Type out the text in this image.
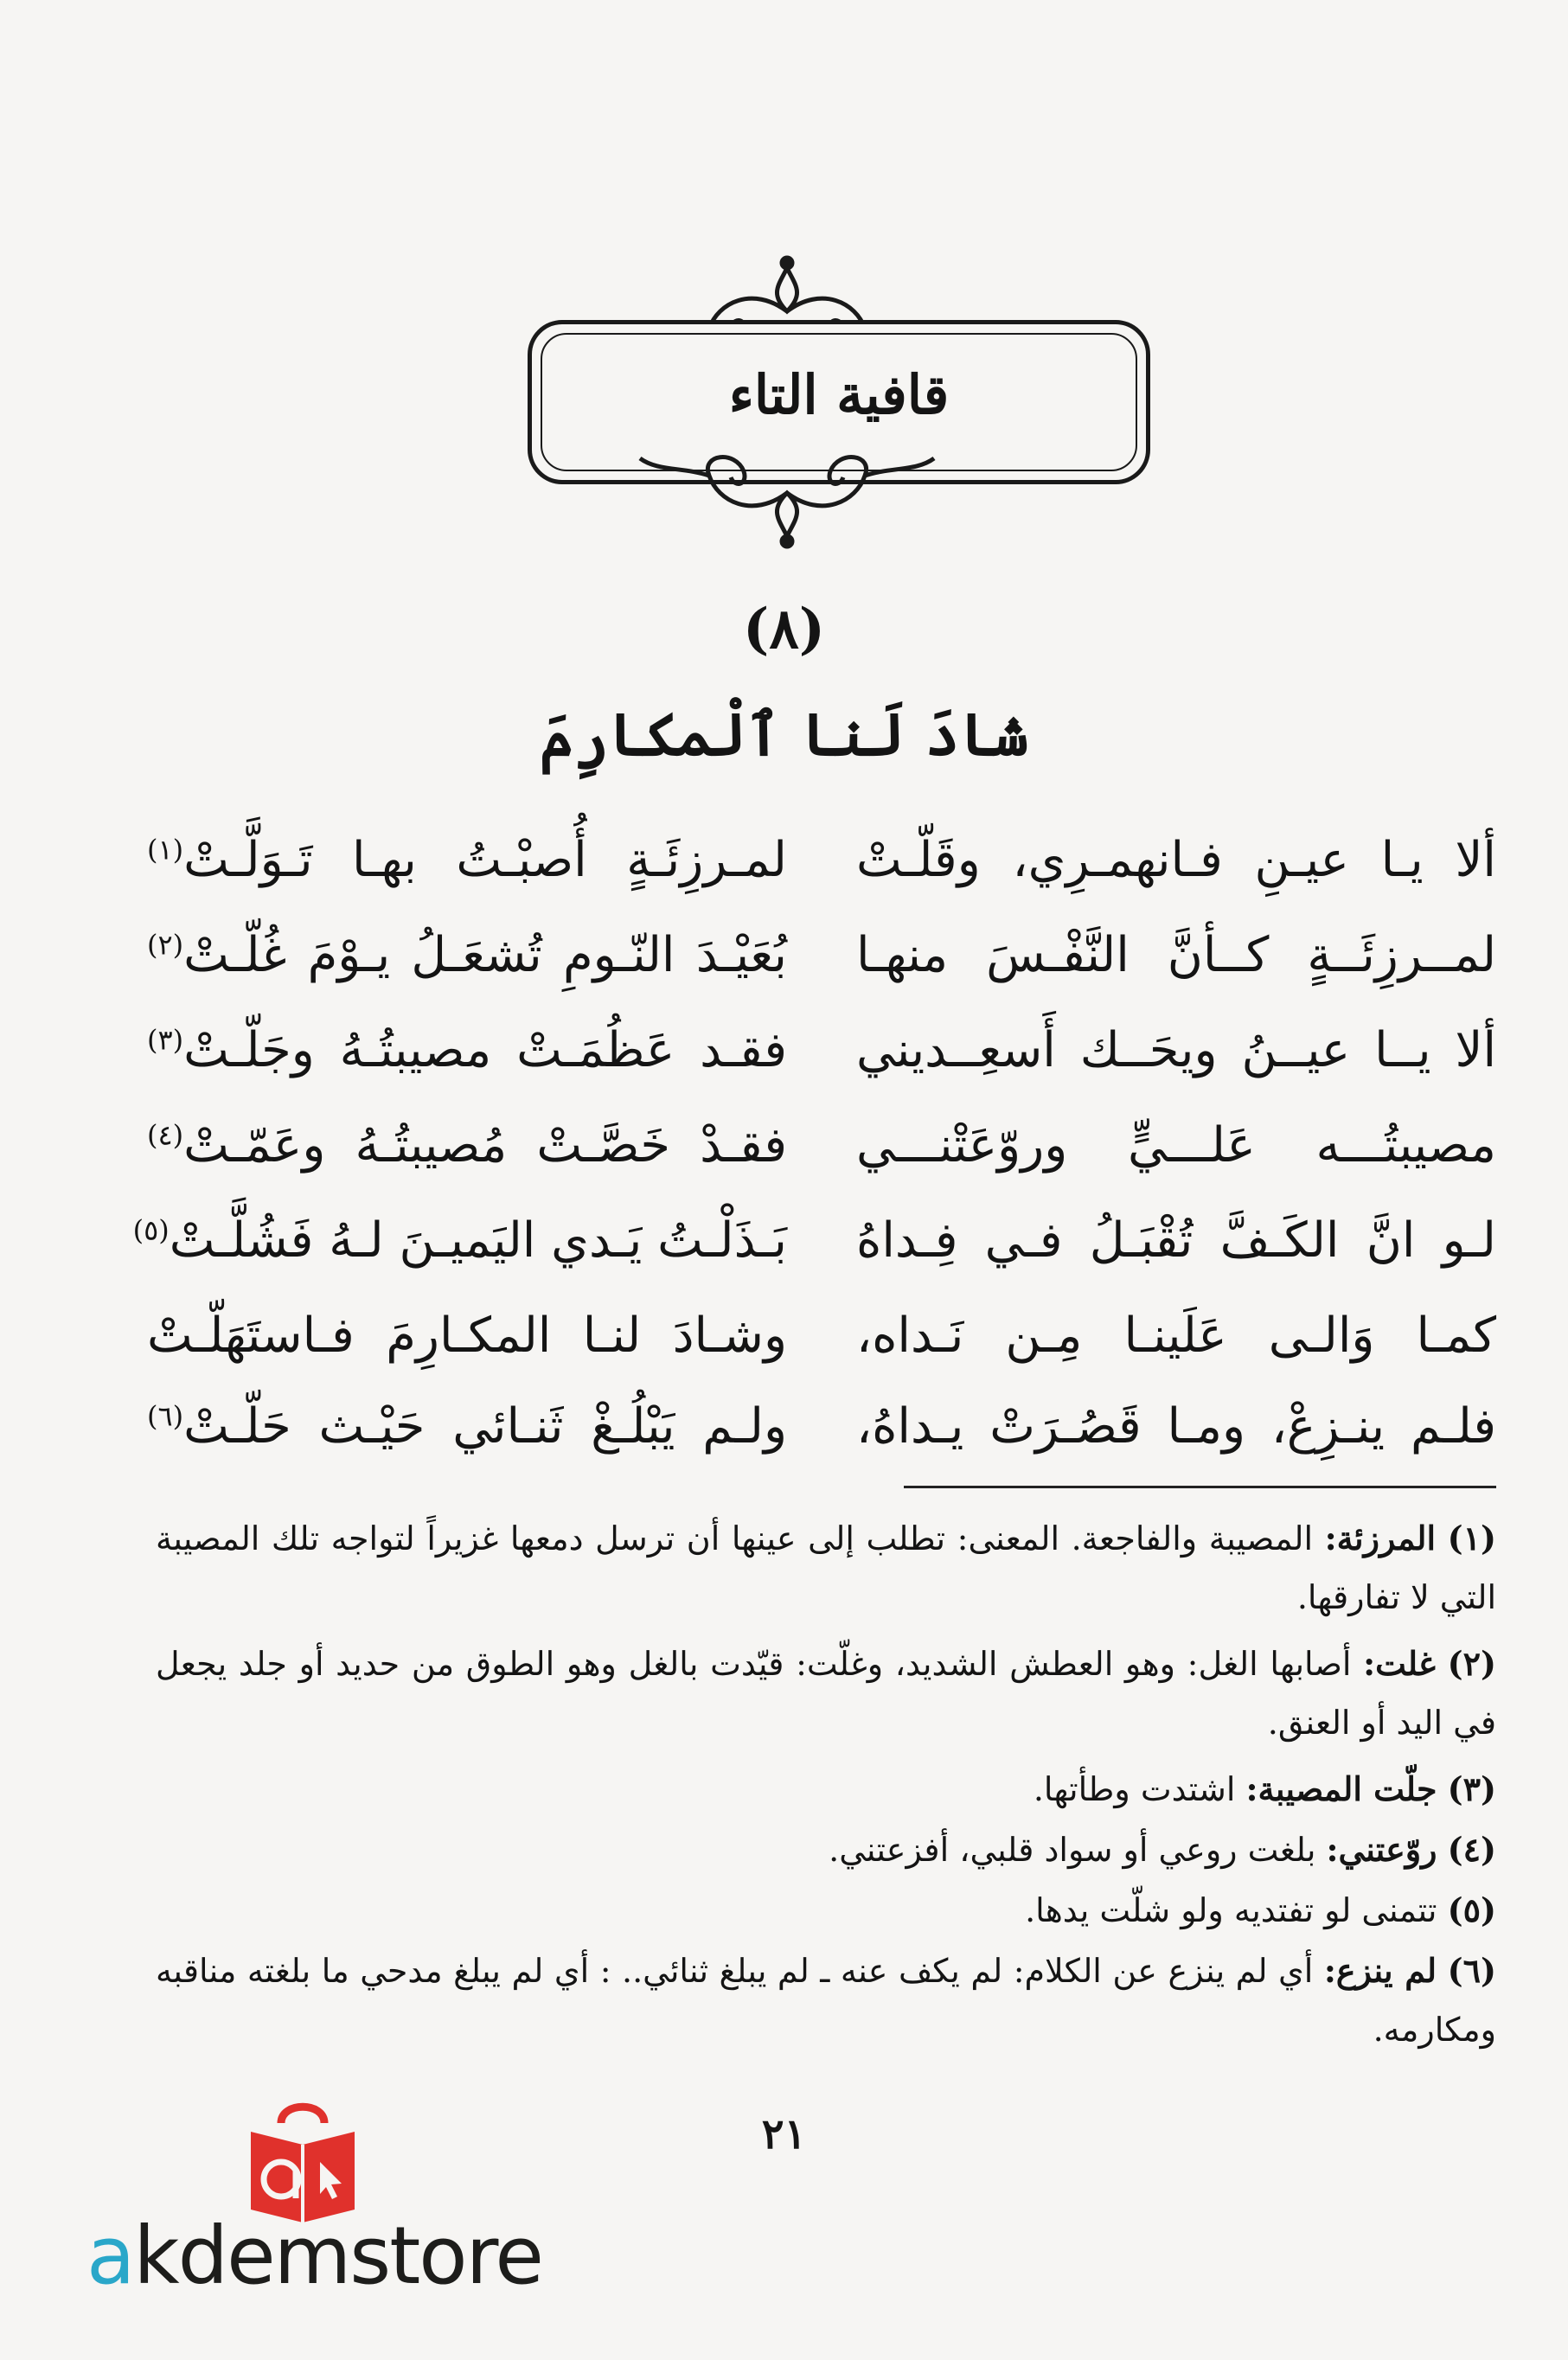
قافية التاء
(٨)
شادَ لَنا ٱلْمكارِمَ
ألا يـا عيـنِ فـانهمـرِي، وقَلّـتْ
لمـرزِئَـةٍ أُصبْـتُ بهـا تَـوَلَّـتْ$^{(١)}$
لمــرزِئَــةٍ كــأنَّ النَّفْـسَ منهـا
بُعَيْـدَ النّـومِ تُشعَـلُ يـوْمَ غُلّـتْ$^{(٢)}$
ألا يــا عيــنُ ويحَــك أَسعِــديني
فقـد عَظُمَـتْ مصيبتُـهُ وجَلّـتْ$^{(٣)}$
مصيبتُـــه عَلـــيٍّ وروّعَتْنـــي
فقـدْ خَصَّـتْ مُصيبتُـهُ وعَمّـتْ$^{(٤)}$
لـو انَّ الكَـفَّ تُقْبَـلُ فـي فِـداهُ
بَـذَلْـتُ يَـدي اليَميـنَ لـهُ فَشُلَّـتْ$^{(٥)}$
كمـا وَالـى عَلَينـا مِـن نَـداه،
وشـادَ لنـا المكـارِمَ فـاستَهَلّـتْ
فلـم ينـزِعْ، ومـا قَصُـرَتْ يـداهُ،
ولـم يَبْلُـغْ ثَنـائي حَيْـث حَلّـتْ$^{(٦)}$
(١) المرزئة: المصيبة والفاجعة. المعنى: تطلب إلى عينها أن ترسل دمعها غزيراً لتواجه تلك المصيبة التي لا تفارقها.
(٢) غلت: أصابها الغل: وهو العطش الشديد، وغلّت: قيّدت بالغل وهو الطوق من حديد أو جلد يجعل في اليد أو العنق.
(٣) جلّت المصيبة: اشتدت وطأتها.
(٤) روّعتني: بلغت روعي أو سواد قلبي، أفزعتني.
(٥) تتمنى لو تفتديه ولو شلّت يدها.
(٦) لم ينزع: أي لم ينزع عن الكلام: لم يكف عنه ـ لم يبلغ ثنائي.. : أي لم يبلغ مدحي ما بلغته مناقبه ومكارمه.
٢١
akdemstore
